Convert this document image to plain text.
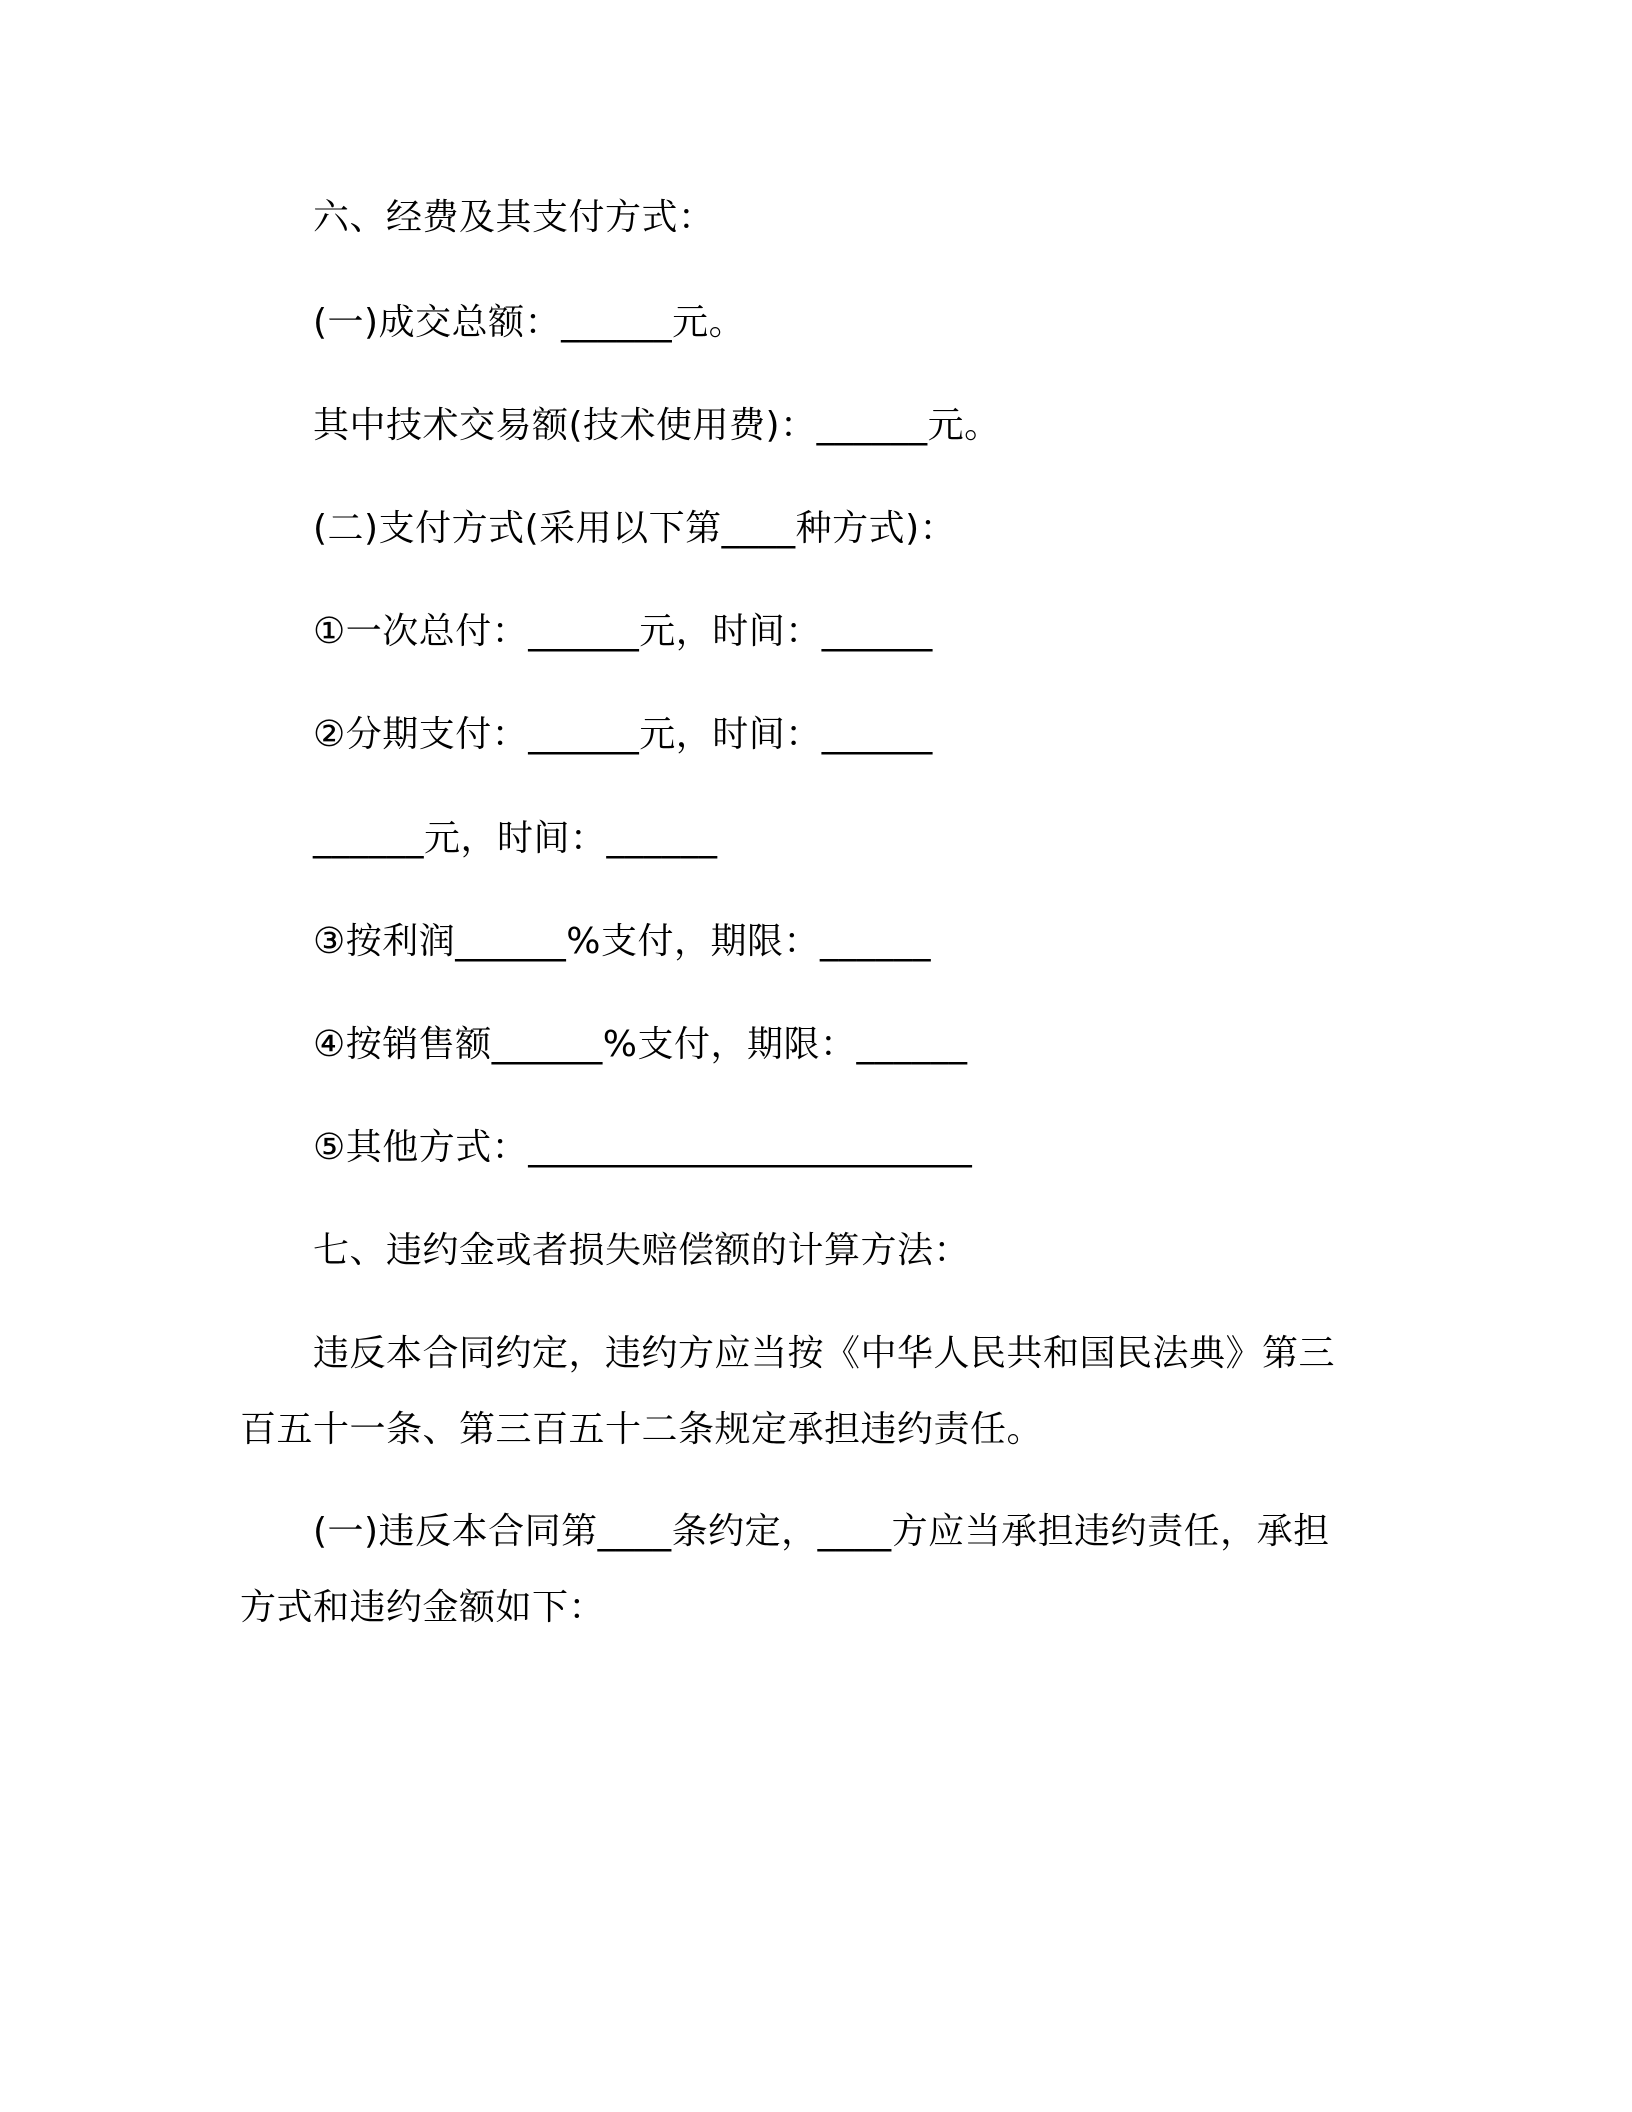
六、经费及其支付方式：
(一)成交总额：______元。
其中技术交易额(技术使用费)：______元。
(二)支付方式(采用以下第____种方式)：
①一次总付：______元，时间：______
②分期支付：______元，时间：______
______元，时间：______
③按利润______%支付，期限：______
④按销售额______%支付，期限：______
⑤其他方式：________________________
七、违约金或者损失赔偿额的计算方法：
违反本合同约定，违约方应当按《中华人民共和国民法典》第三
百五十一条、第三百五十二条规定承担违约责任。
(一)违反本合同第____条约定，____方应当承担违约责任，承担
方式和违约金额如下：
